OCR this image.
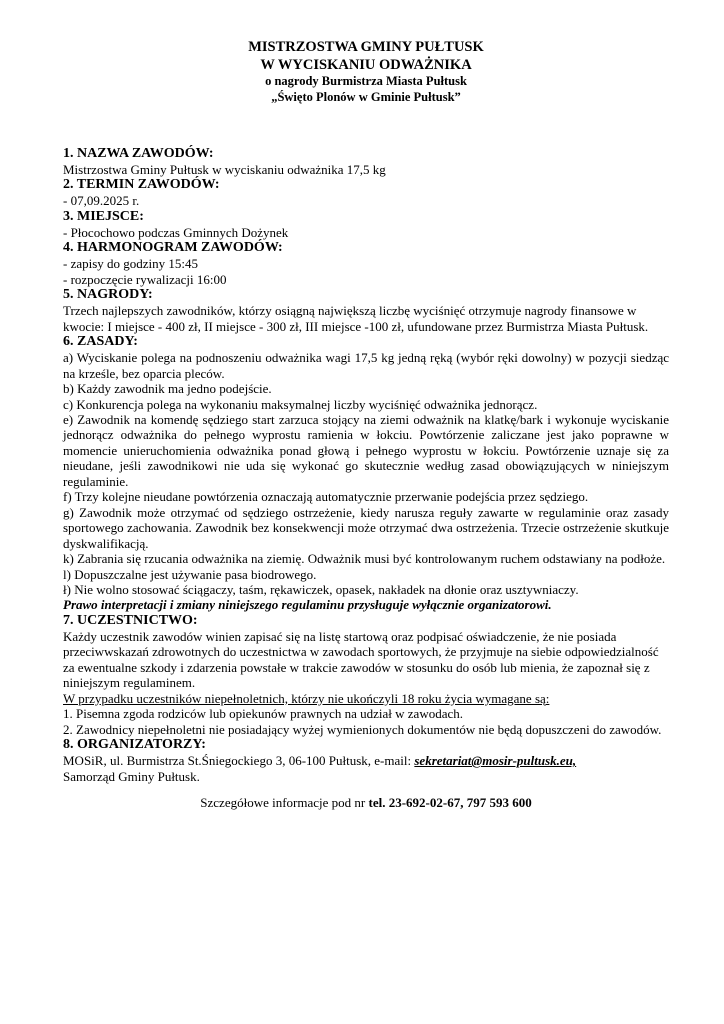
MISTRZOSTWA GMINY PUŁTUSK
W WYCISKANIU ODWAŻNIKA
o nagrody Burmistrza Miasta Pułtusk
„Święto Plonów w Gminie Pułtusk”
1. NAZWA ZAWODÓW:

Mistrzostwa Gminy Pułtusk w wyciskaniu odważnika 17,5 kg

2. TERMIN ZAWODÓW:

- 07,09.2025 r.

3. MIEJSCE:

- Płocochowo podczas Gminnych Dożynek

4. HARMONOGRAM ZAWODÓW:

- zapisy do godziny 15:45

- rozpoczęcie rywalizacji 16:00

5. NAGRODY:

Trzech najlepszych zawodników, którzy osiągną największą liczbę wyciśnięć otrzymuje nagrody finansowe w kwocie: I miejsce - 400 zł, II miejsce - 300 zł, III miejsce -100 zł, ufundowane przez Burmistrza Miasta Pułtusk.

6. ZASADY:

a) Wyciskanie polega na podnoszeniu odważnika wagi 17,5 kg jedną ręką (wybór ręki dowolny) w pozycji siedząc na krześle, bez oparcia pleców.

b) Każdy zawodnik ma jedno podejście.

c) Konkurencja polega na wykonaniu maksymalnej liczby wyciśnięć odważnika jednorącz.

e) Zawodnik na komendę sędziego start zarzuca stojący na ziemi odważnik na klatkę/bark i wykonuje wyciskanie jednorącz odważnika do pełnego wyprostu ramienia w łokciu. Powtórzenie zaliczane jest jako poprawne w momencie unieruchomienia odważnika ponad głową i pełnego wyprostu w łokciu. Powtórzenie uznaje się za nieudane, jeśli zawodnikowi nie uda się wykonać go skutecznie według zasad obowiązujących w niniejszym regulaminie.

f) Trzy kolejne nieudane powtórzenia oznaczają automatycznie przerwanie podejścia przez sędziego.

g) Zawodnik może otrzymać od sędziego ostrzeżenie, kiedy narusza reguły zawarte w regulaminie oraz zasady sportowego zachowania. Zawodnik bez konsekwencji może otrzymać dwa ostrzeżenia. Trzecie ostrzeżenie skutkuje dyskwalifikacją.

k) Zabrania się rzucania odważnika na ziemię. Odważnik musi być kontrolowanym ruchem odstawiany na podłoże.

l) Dopuszczalne jest używanie pasa biodrowego.

ł) Nie wolno stosować ściągaczy, taśm, rękawiczek, opasek, nakładek na dłonie oraz usztywniaczy.

Prawo interpretacji i zmiany niniejszego regulaminu przysługuje wyłącznie organizatorowi.

7. UCZESTNICTWO:

Każdy uczestnik zawodów winien zapisać się na listę startową oraz podpisać oświadczenie, że nie posiada przeciwwskazań zdrowotnych do uczestnictwa w zawodach sportowych, że przyjmuje na siebie odpowiedzialność za ewentualne szkody i zdarzenia powstałe w trakcie zawodów w stosunku do osób lub mienia, że zapoznał się z niniejszym regulaminem.

W przypadku uczestników niepełnoletnich, którzy nie ukończyli 18 roku życia wymagane są:

1. Pisemna zgoda rodziców lub opiekunów prawnych na udział w zawodach.

2. Zawodnicy niepełnoletni nie posiadający wyżej wymienionych dokumentów nie będą dopuszczeni do zawodów.

8. ORGANIZATORZY:

MOSiR, ul. Burmistrza St.Śniegockiego 3, 06-100 Pułtusk, e-mail: sekretariat@mosir-pultusk.eu,

Samorząd Gminy Pułtusk.

Szczegółowe informacje pod nr tel. 23-692-02-67, 797 593 600
